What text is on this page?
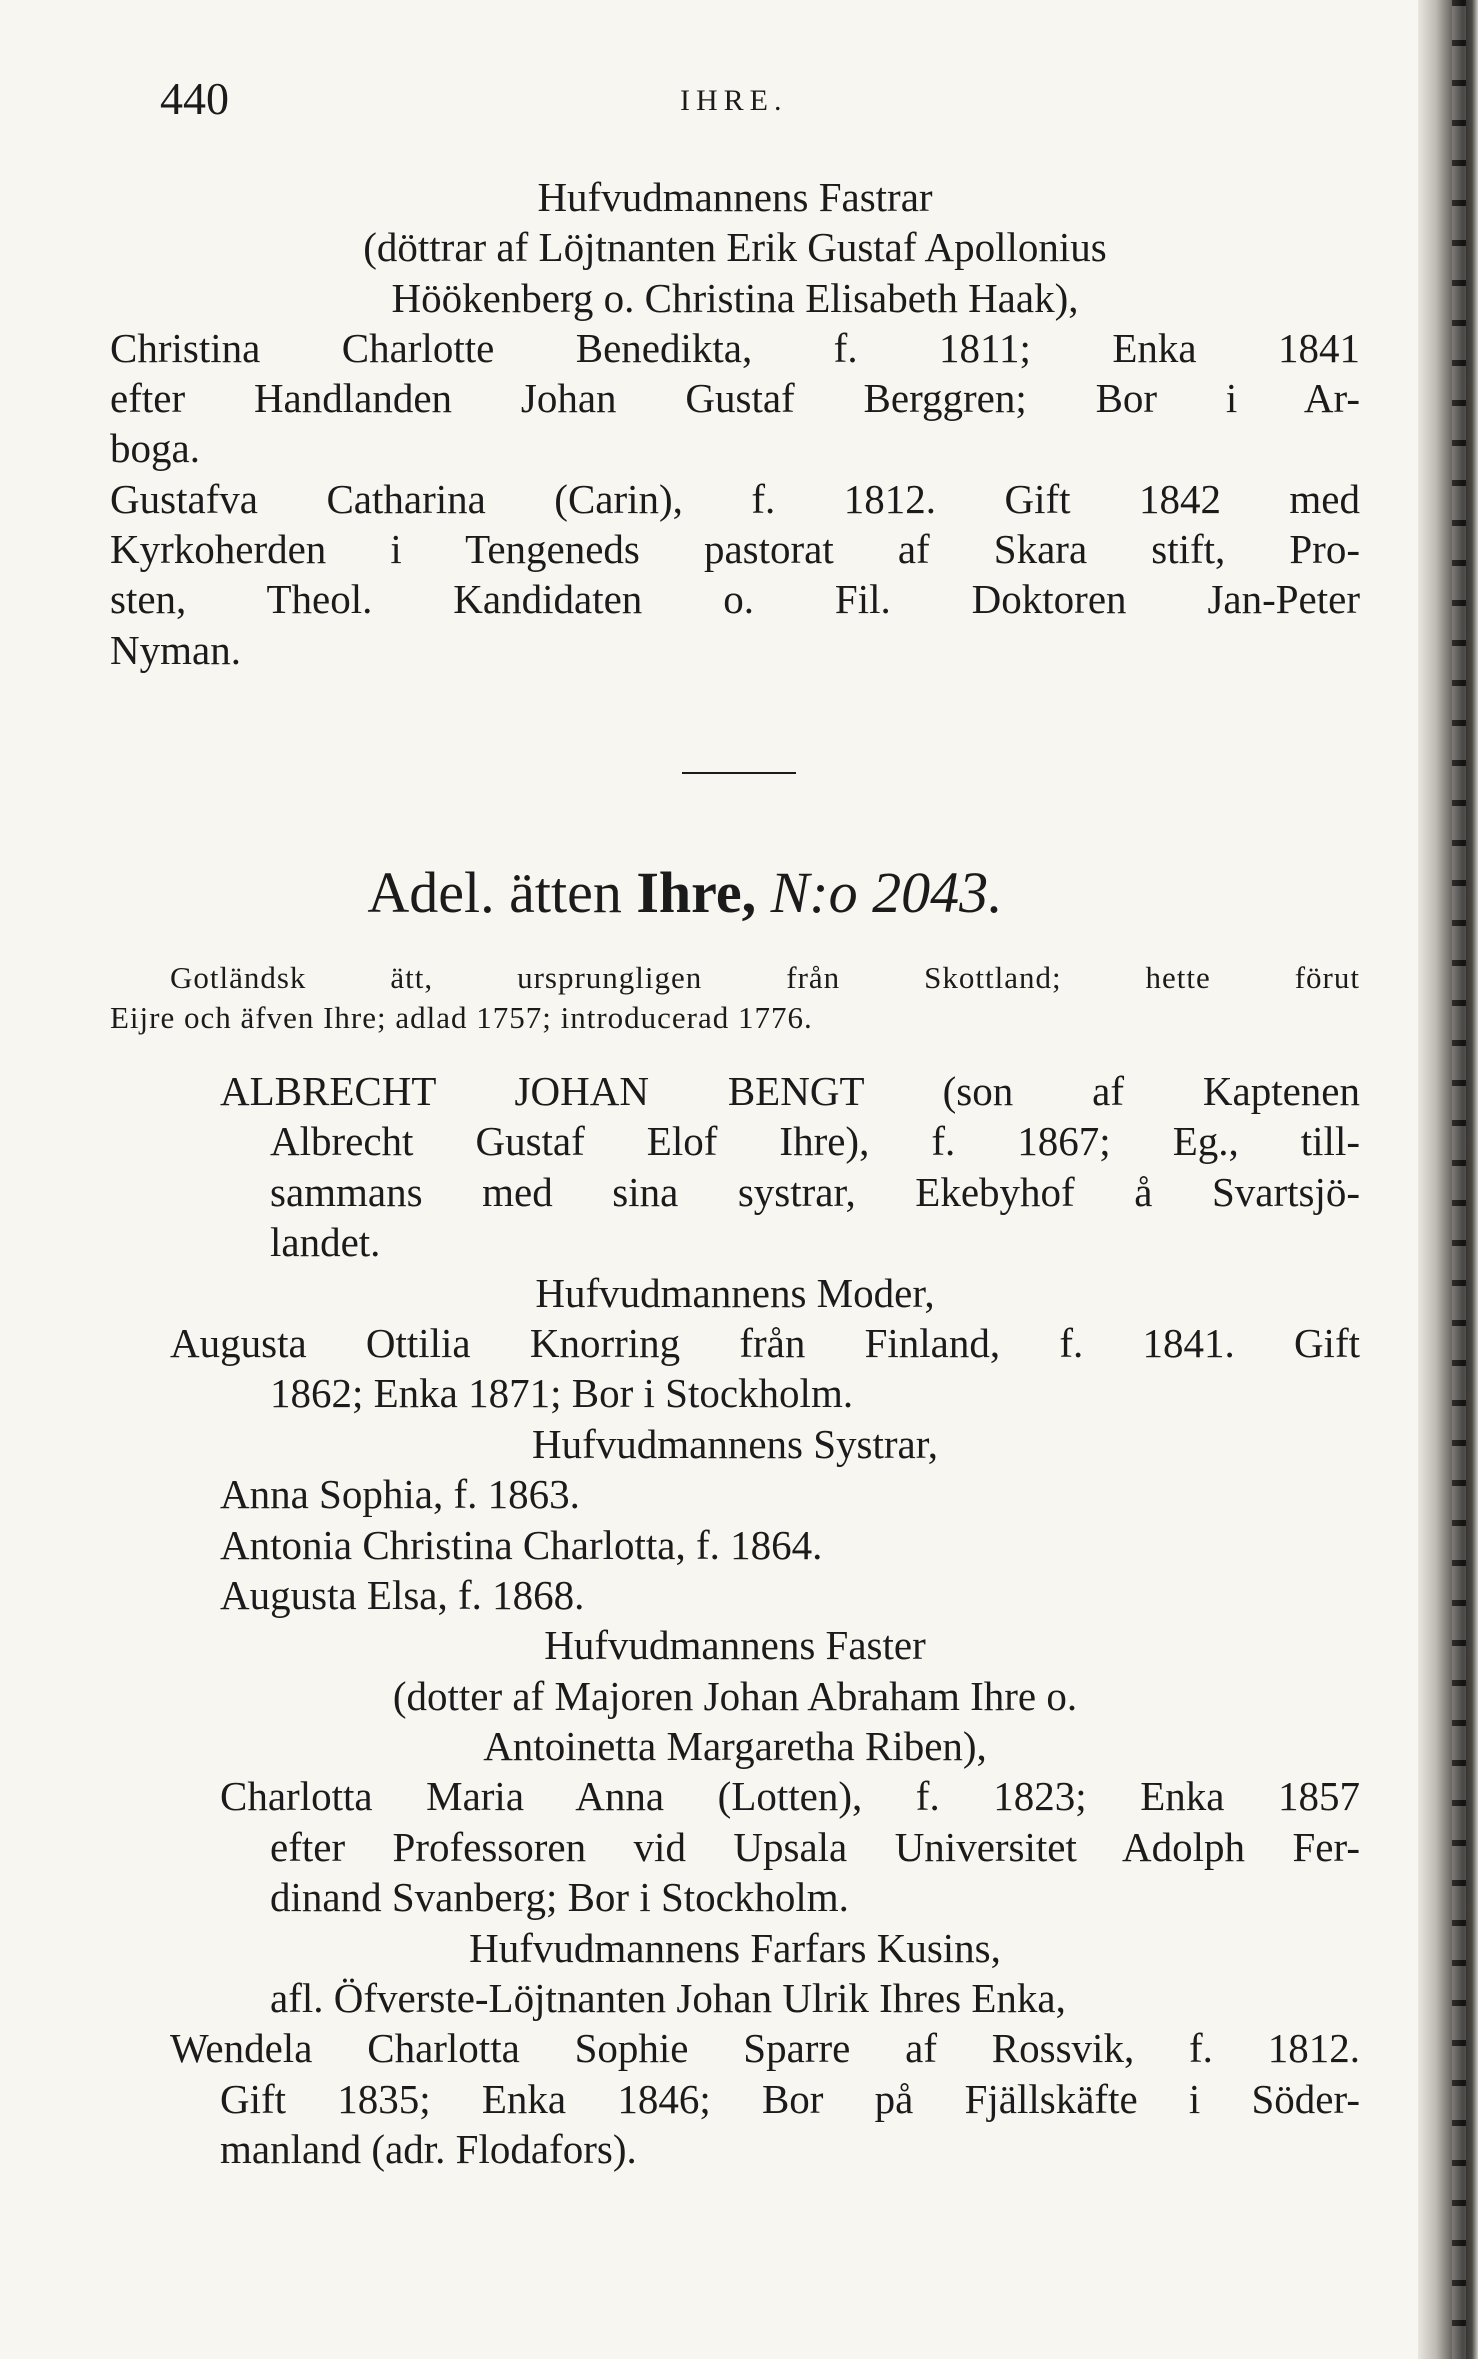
440	IHRE.
Hufvudmannens Fastrar
(döttrar af Löjtnanten Erik Gustaf Apollonius
Höökenberg o. Christina Elisabeth Haak),
Christina Charlotte Benedikta, f. 1811; Enka 1841
efter Handlanden Johan Gustaf Berggren; Bor i Ar-
boga.
Gustafva Catharina (Carin), f. 1812. Gift 1842 med
Kyrkoherden i Tengeneds pastorat af Skara stift, Pro-
sten, Theol. Kandidaten o. Fil. Doktoren Jan-Peter
Nyman.
Adel. ätten Ihre, N:o 2043.
Gotländsk ätt, ursprungligen från Skottland; hette förut
Eijre och äfven Ihre; adlad 1757; introducerad 1776.
ALBRECHT JOHAN BENGT (son af Kaptenen
Albrecht Gustaf Elof Ihre), f. 1867; Eg., till-
sammans med sina systrar, Ekebyhof å Svartsjö-
landet.
Hufvudmannens Moder,
Augusta Ottilia Knorring från Finland, f. 1841. Gift
1862; Enka 1871; Bor i Stockholm.
Hufvudmannens Systrar,
Anna Sophia, f. 1863.
Antonia Christina Charlotta, f. 1864.
Augusta Elsa, f. 1868.
Hufvudmannens Faster
(dotter af Majoren Johan Abraham Ihre o.
Antoinetta Margaretha Riben),
Charlotta Maria Anna (Lotten), f. 1823; Enka 1857
efter Professoren vid Upsala Universitet Adolph Fer-
dinand Svanberg; Bor i Stockholm.
Hufvudmannens Farfars Kusins,
afl. Öfverste-Löjtnanten Johan Ulrik Ihres Enka,
Wendela Charlotta Sophie Sparre af Rossvik, f. 1812.
Gift 1835; Enka 1846; Bor på Fjällskäfte i Söder-
manland (adr. Flodafors).
